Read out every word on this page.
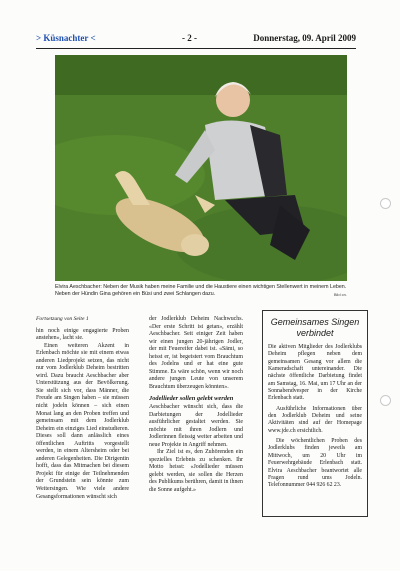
> Küsnachter <	- 2 -	Donnerstag, 09. April 2009
Elvira Aeschbacher: Neben der Musik haben meine Familie und die Haustiere einen wichtigen Stellenwert in meinem Leben. Neben der Hündin Gina gehören ein Büsi und zwei Schlangen dazu.	Bild cn.

Fortsetzung von Seite 1

hin noch einige engagierte Proben anstehen», lacht sie.

Einen weiteren Akzent in Erlenbach möchte sie mit einem etwas anderen Liedprojekt setzen, das nicht nur vom Jodlerklub Deheim bestritten wird. Dazu braucht Aeschbacher aber Unterstützung aus der Bevölkerung. Sie stellt sich vor, dass Männer, die Freude am Singen haben – sie müssen nicht jodeln können – sich einen Monat lang an den Proben treffen und gemeinsam mit dem Jodlerklub Deheim ein einziges Lied einstudieren. Dieses soll dann anlässlich eines öffentlichen Auftritts vorgestellt werden, in einem Altersheim oder bei anderen Gelegenheiten. Die Dirigentin hofft, dass das Mitmachen bei diesem Projekt für einige der Teilnehmenden der Grundstein sein könnte zum Weitersingen. Wie viele andere Gesangsformationen wünscht sich

der Jodlerklub Deheim Nachwuchs. «Der erste Schritt ist getan», erzählt Aeschbacher. Seit einiger Zeit haben wir einen jungen 20-jährigen Jodler, der mit Feuereifer dabei ist. «Sämi, so heisst er, ist begeistert vom Brauchtum des Jodelns und er hat eine gute Stimme. Es wäre schön, wenn wir noch andere jungen Leute von unserem Brauchtum überzeugen könnten».

Jodellieder sollen gelebt werden

Aeschbacher wünscht sich, dass die Darbietungen der Jodellieder ausführlicher gestaltet werden. Sie möchte mit ihren Jodlern und Jodlerinnen fleissig weiter arbeiten und neue Projekte in Angriff nehmen.

Ihr Ziel ist es, den Zuhörenden ein spezielles Erlebnis zu schenken. Ihr Motto heisst: «Jodellieder müssen gelebt werden, sie sollen die Herzen des Publikums berühren, damit in ihnen die Sonne aufgeht.»

Gemeinsames Singen verbindet

Die aktiven Mitglieder des Jodlerklubs Deheim pflegen neben dem gemeinsamen Gesang vor allem die Kameradschaft untereinander. Die nächste öffentliche Darbietung findet am Samstag, 16. Mai, um 17 Uhr an der Sonnabendvesper in der Kirche Erlenbach statt.

Ausführliche Informationen über den Jodlerklub Deheim und seine Aktivitäten sind auf der Homepage www.jde.ch ersichtlich.

Die wöchentlichen Proben des Jodlerklubs finden jeweils am Mittwoch, um 20 Uhr im Feuerwehrgebäude Erlenbach statt. Elvira Aeschbacher beantwortet alle Fragen rund ums Jodeln. Telefonnummer 044 926 62 23.
